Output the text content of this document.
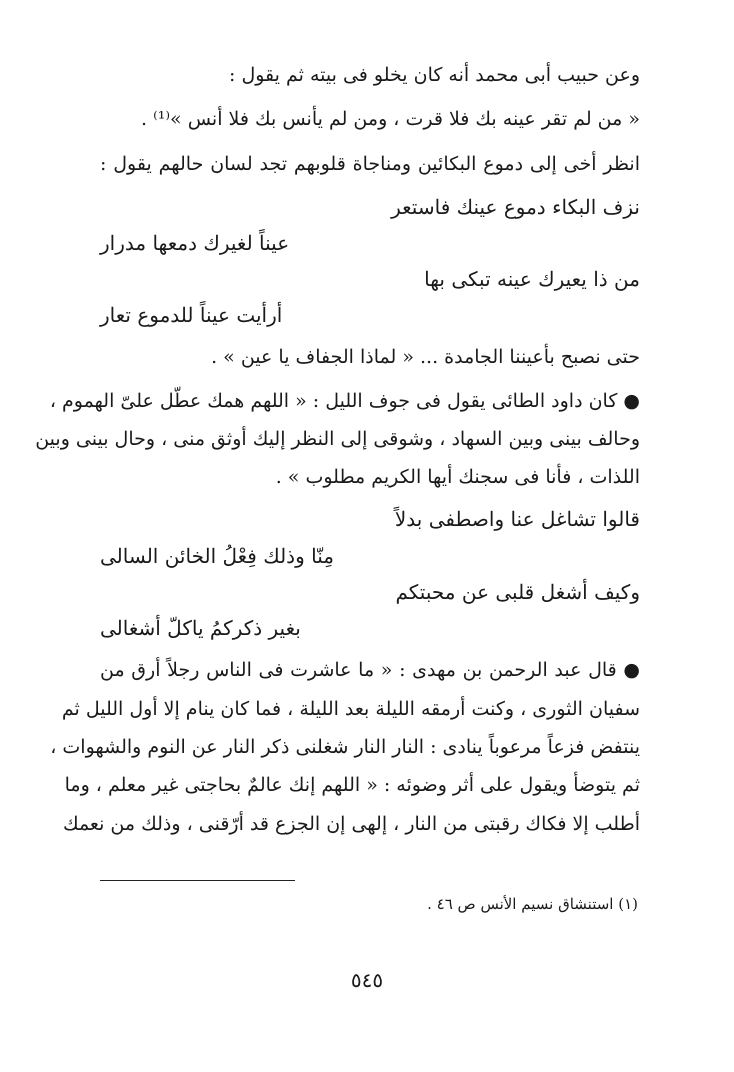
وعن حبيب أبى محمد أنه كان يخلو فى بيته ثم يقول :
« من لم تقر عينه بك فلا قرت ، ومن لم يأنس بك فلا أنس »⁽¹⁾ .
انظر أخى إلى دموع البكائين ومناجاة قلوبهم تجد لسان حالهم يقول :
نزف البكاء دموع عينك فاستعر
عيناً لغيرك دمعها مدرار
من ذا يعيرك عينه تبكى بها
أرأيت عيناً للدموع تعار
حتى نصبح بأعيننا الجامدة ... « لماذا الجفاف يا عين » .
● كان داود الطائى يقول فى جوف الليل : « اللهم همك عطّل علىّ الهموم ،
وحالف بينى وبين السهاد ، وشوقى إلى النظر إليك أوثق منى ، وحال بينى وبين
اللذات ، فأنا فى سجنك أيها الكريم مطلوب » .
قالوا تشاغل عنا واصطفى بدلاً
مِنّا وذلك فِعْلُ الخائن السالى
وكيف أشغل قلبى عن محبتكم
بغير ذكركمُ ياكلّ أشغالى
● قال عبد الرحمن بن مهدى : « ما عاشرت فى الناس رجلاً أرق من
سفيان الثورى ، وكنت أرمقه الليلة بعد الليلة ، فما كان ينام إلا أول الليل ثم
ينتفض فزعاً مرعوباً ينادى : النار النار شغلنى ذكر النار عن النوم والشهوات ،
ثم يتوضأ ويقول على أثر وضوئه : « اللهم إنك عالمٌ بحاجتى غير معلم ، وما
أطلب إلا فكاك رقبتى من النار ، إلهى إن الجزع قد أرّقنى ، وذلك من نعمك
(١) استنشاق نسيم الأنس ص ٤٦ .
٥٤٥
